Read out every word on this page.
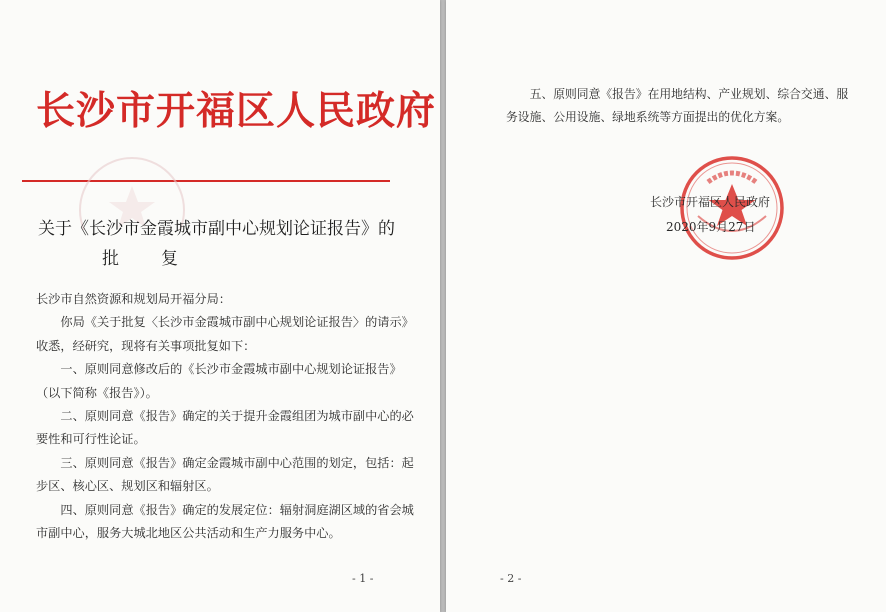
长沙市开福区人民政府
关于《长沙市金霞城市副中心规划论证报告》的
批复

长沙市自然资源和规划局开福分局：

你局《关于批复〈长沙市金霞城市副中心规划论证报告〉的请示》收悉，经研究，现将有关事项批复如下：

一、原则同意修改后的《长沙市金霞城市副中心规划论证报告》（以下简称《报告》）。

二、原则同意《报告》确定的关于提升金霞组团为城市副中心的必要性和可行性论证。

三、原则同意《报告》确定金霞城市副中心范围的划定，包括：起步区、核心区、规划区和辐射区。

四、原则同意《报告》确定的发展定位：辐射洞庭湖区域的省会城市副中心，服务大城北地区公共活动和生产力服务中心。

- 1 -

五、原则同意《报告》在用地结构、产业规划、综合交通、服务设施、公用设施、绿地系统等方面提出的优化方案。

长沙市开福区人民政府
2020年9月27日
- 2 -
